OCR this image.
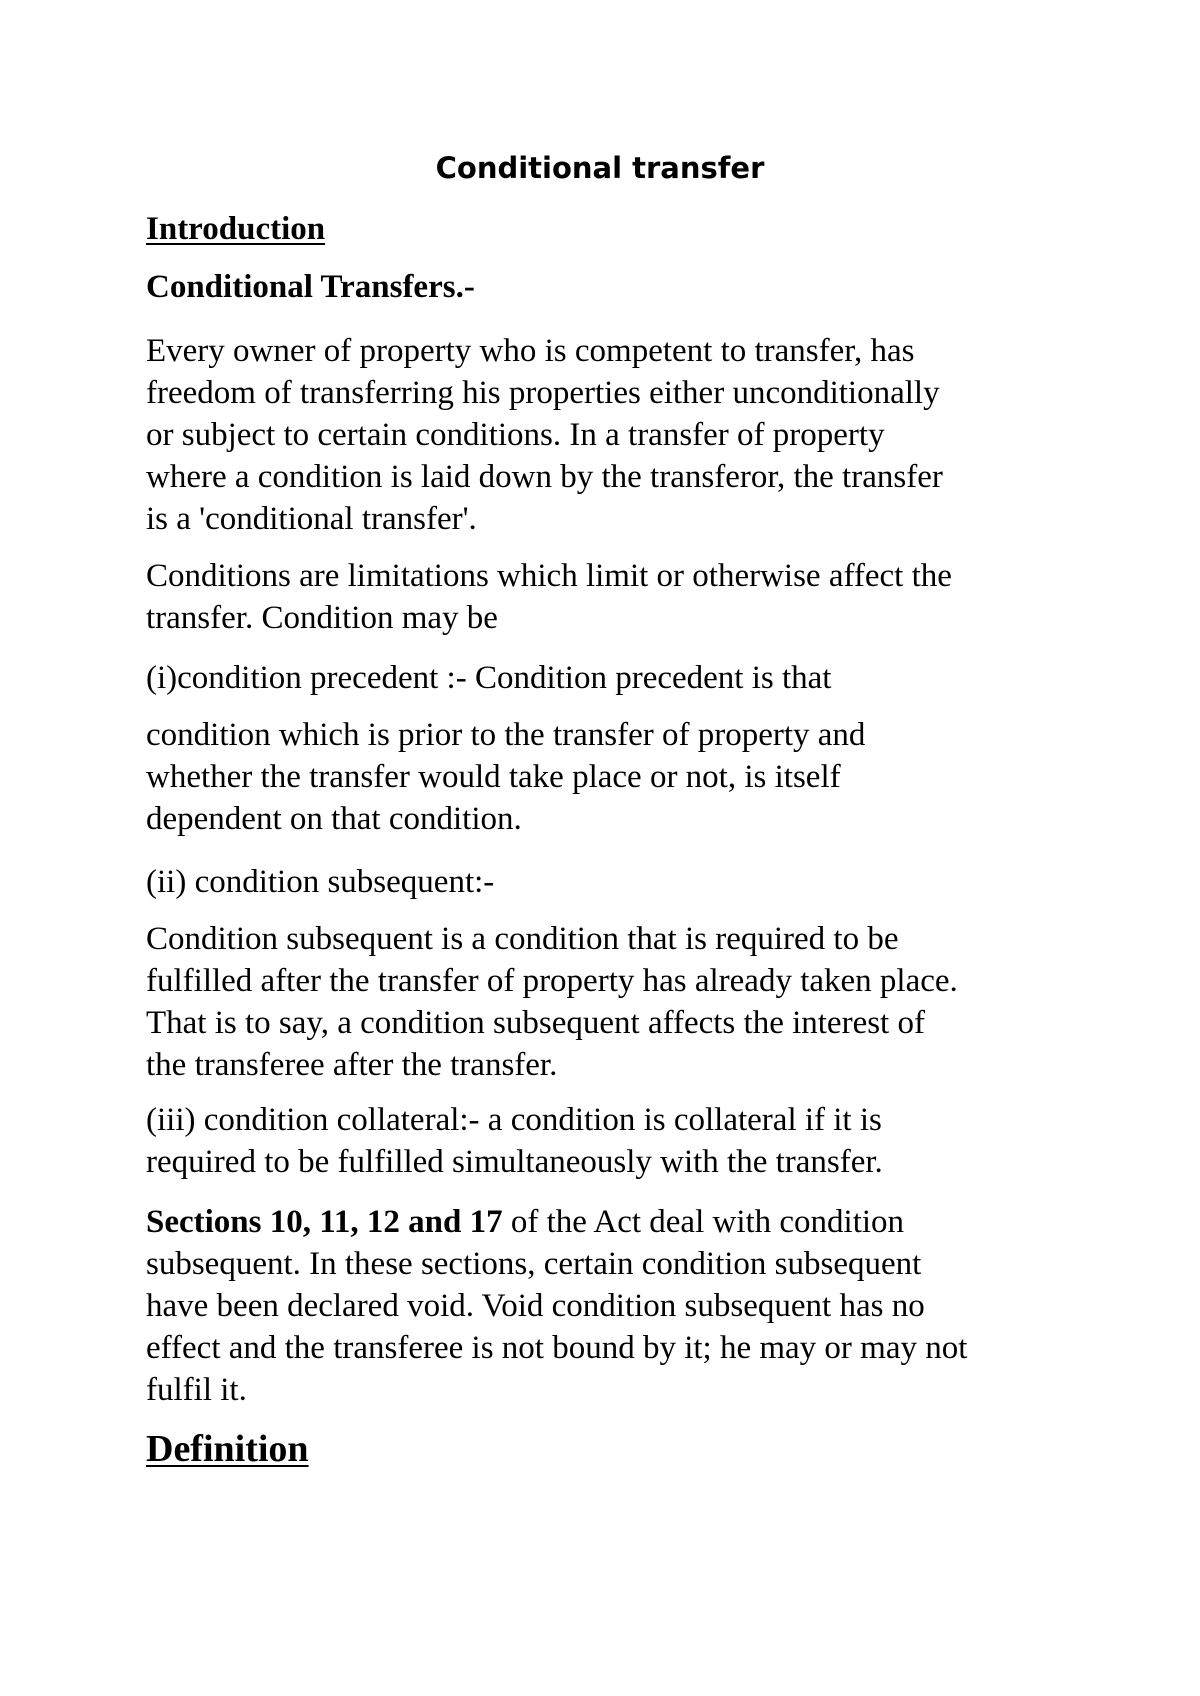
Conditional transfer
Introduction
Conditional Transfers.-

Every owner of property who is competent to transfer, has
freedom of transferring his properties either unconditionally
or subject to certain conditions. In a transfer of property
where a condition is laid down by the transferor, the transfer
is a 'conditional transfer'.

Conditions are limitations which limit or otherwise affect the
transfer. Condition may be

(i)condition precedent :- Condition precedent is that

condition which is prior to the transfer of property and
whether the transfer would take place or not, is itself
dependent on that condition.

(ii) condition subsequent:-

Condition subsequent is a condition that is required to be
fulfilled after the transfer of property has already taken place.
That is to say, a condition subsequent affects the interest of
the transferee after the transfer.

(iii) condition collateral:- a condition is collateral if it is
required to be fulfilled simultaneously with the transfer.

Sections 10, 11, 12 and 17 of the Act deal with condition
subsequent. In these sections, certain condition subsequent
have been declared void. Void condition subsequent has no
effect and the transferee is not bound by it; he may or may not
fulfil it.

Definition
